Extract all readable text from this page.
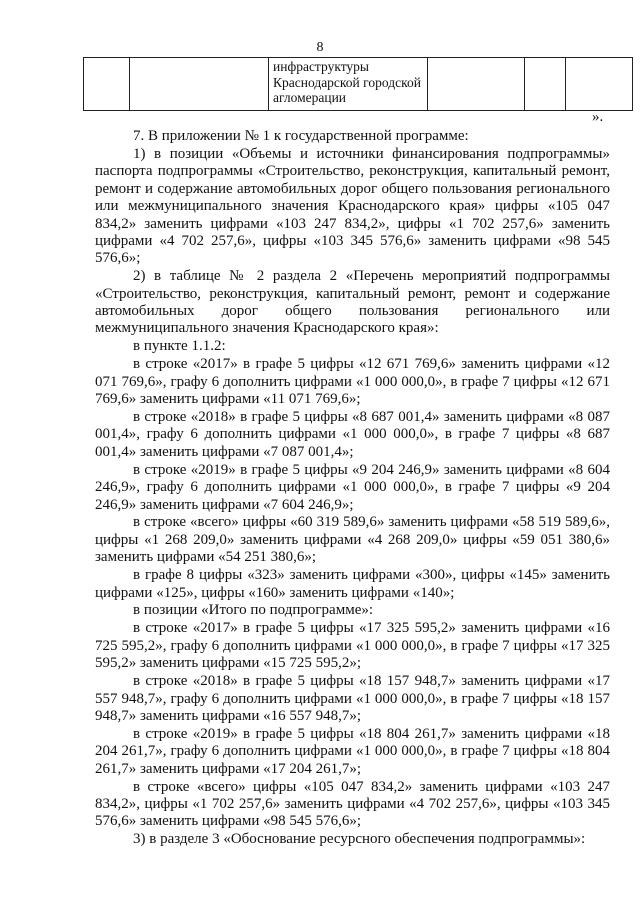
8
		инфраструктуры Краснодарской городской агломерации			
».

7. В приложении № 1 к государственной программе:

1) в позиции «Объемы и источники финансирования подпрограммы» паспорта подпрограммы «Строительство, реконструкция, капитальный ремонт, ремонт и содержание автомобильных дорог общего пользования регионального или межмуниципального значения Краснодарского края» цифры «105 047 834,2» заменить цифрами «103 247 834,2», цифры «1 702 257,6» заменить цифрами «4 702 257,6», цифры «103 345 576,6» заменить цифрами «98 545 576,6»;

2) в таблице № 2 раздела 2 «Перечень мероприятий подпрограммы «Строительство, реконструкция, капитальный ремонт, ремонт и содержание автомобильных дорог общего пользования регионального или межмуниципального значения Краснодарского края»:

в пункте 1.1.2:

в строке «2017» в графе 5 цифры «12 671 769,6» заменить цифрами «12 071 769,6», графу 6 дополнить цифрами «1 000 000,0», в графе 7 цифры «12 671 769,6» заменить цифрами «11 071 769,6»;

в строке «2018» в графе 5 цифры «8 687 001,4» заменить цифрами «8 087 001,4», графу 6 дополнить цифрами «1 000 000,0», в графе 7 цифры «8 687 001,4» заменить цифрами «7 087 001,4»;

в строке «2019» в графе 5 цифры «9 204 246,9» заменить цифрами «8 604 246,9», графу 6 дополнить цифрами «1 000 000,0», в графе 7 цифры «9 204 246,9» заменить цифрами «7 604 246,9»;

в строке «всего» цифры «60 319 589,6» заменить цифрами «58 519 589,6», цифры «1 268 209,0» заменить цифрами «4 268 209,0» цифры «59 051 380,6» заменить цифрами «54 251 380,6»;

в графе 8 цифры «323» заменить цифрами «300», цифры «145» заменить цифрами «125», цифры «160» заменить цифрами «140»;

в позиции «Итого по подпрограмме»:

в строке «2017» в графе 5 цифры «17 325 595,2» заменить цифрами «16 725 595,2», графу 6 дополнить цифрами «1 000 000,0», в графе 7 цифры «17 325 595,2» заменить цифрами «15 725 595,2»;

в строке «2018» в графе 5 цифры «18 157 948,7» заменить цифрами «17 557 948,7», графу 6 дополнить цифрами «1 000 000,0», в графе 7 цифры «18 157 948,7» заменить цифрами «16 557 948,7»;

в строке «2019» в графе 5 цифры «18 804 261,7» заменить цифрами «18 204 261,7», графу 6 дополнить цифрами «1 000 000,0», в графе 7 цифры «18 804 261,7» заменить цифрами «17 204 261,7»;

в строке «всего» цифры «105 047 834,2» заменить цифрами «103 247 834,2», цифры «1 702 257,6» заменить цифрами «4 702 257,6», цифры «103 345 576,6» заменить цифрами «98 545 576,6»;

3) в разделе 3 «Обоснование ресурсного обеспечения подпрограммы»:
